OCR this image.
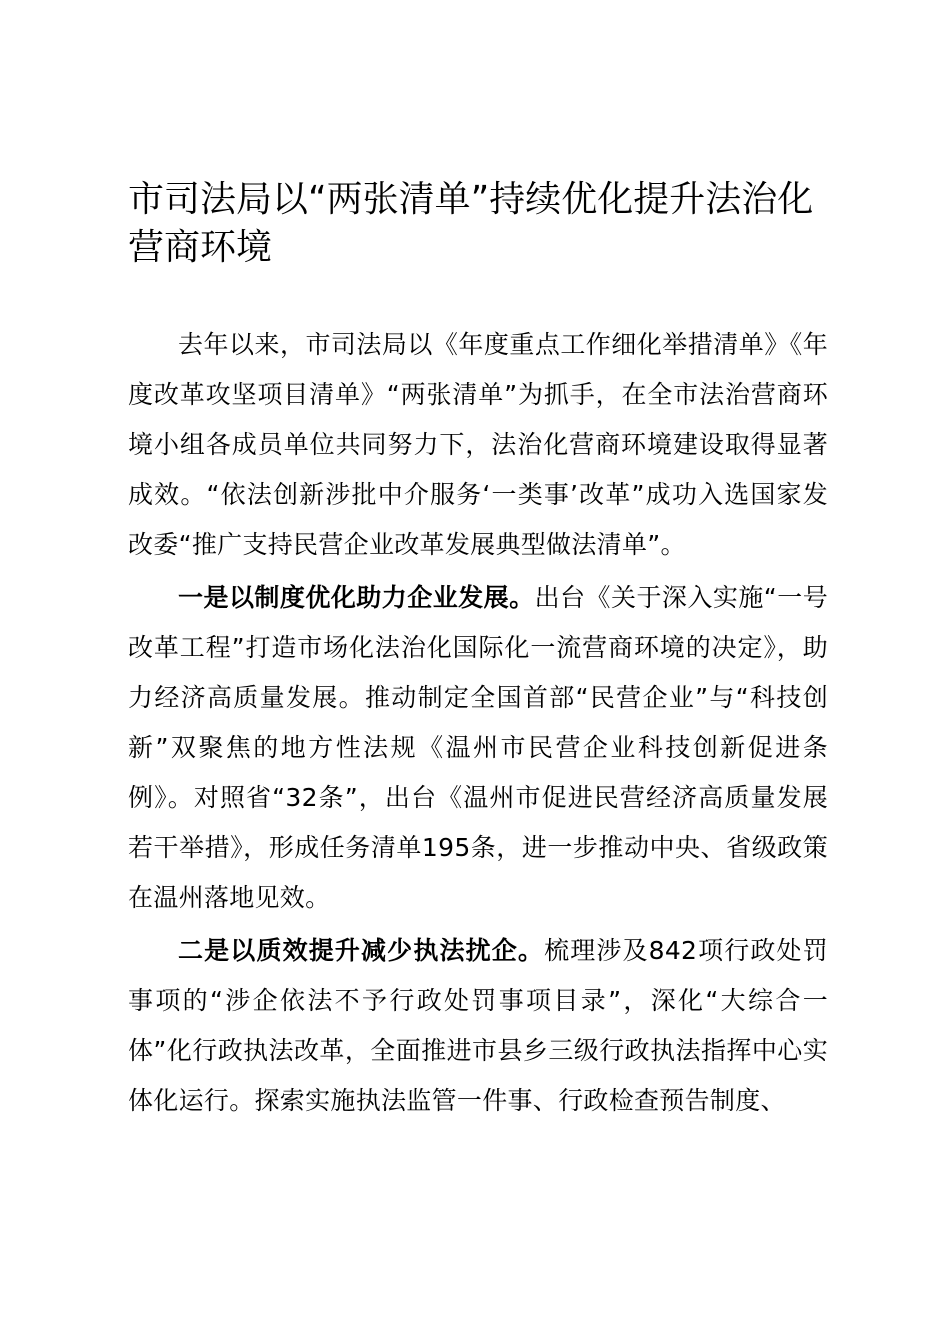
市司法局以“两张清单”持续优化提升法治化营商环境

去年以来，市司法局以《年度重点工作细化举措清单》《年度改革攻坚项目清单》“两张清单”为抓手，在全市法治营商环境小组各成员单位共同努力下，法治化营商环境建设取得显著成效。“依法创新涉批中介服务‘一类事’改革”成功入选国家发改委“推广支持民营企业改革发展典型做法清单”。

一是以制度优化助力企业发展。出台《关于深入实施“一号改革工程”打造市场化法治化国际化一流营商环境的决定》，助力经济高质量发展。推动制定全国首部“民营企业”与“科技创新”双聚焦的地方性法规《温州市民营企业科技创新促进条例》。对照省“32条”，出台《温州市促进民营经济高质量发展若干举措》，形成任务清单195条，进一步推动中央、省级政策在温州落地见效。

二是以质效提升减少执法扰企。梳理涉及842项行政处罚事项的“涉企依法不予行政处罚事项目录”，深化“大综合一体”化行政执法改革，全面推进市县乡三级行政执法指挥中心实体化运行。探索实施执法监管一件事、行政检查预告制度、
